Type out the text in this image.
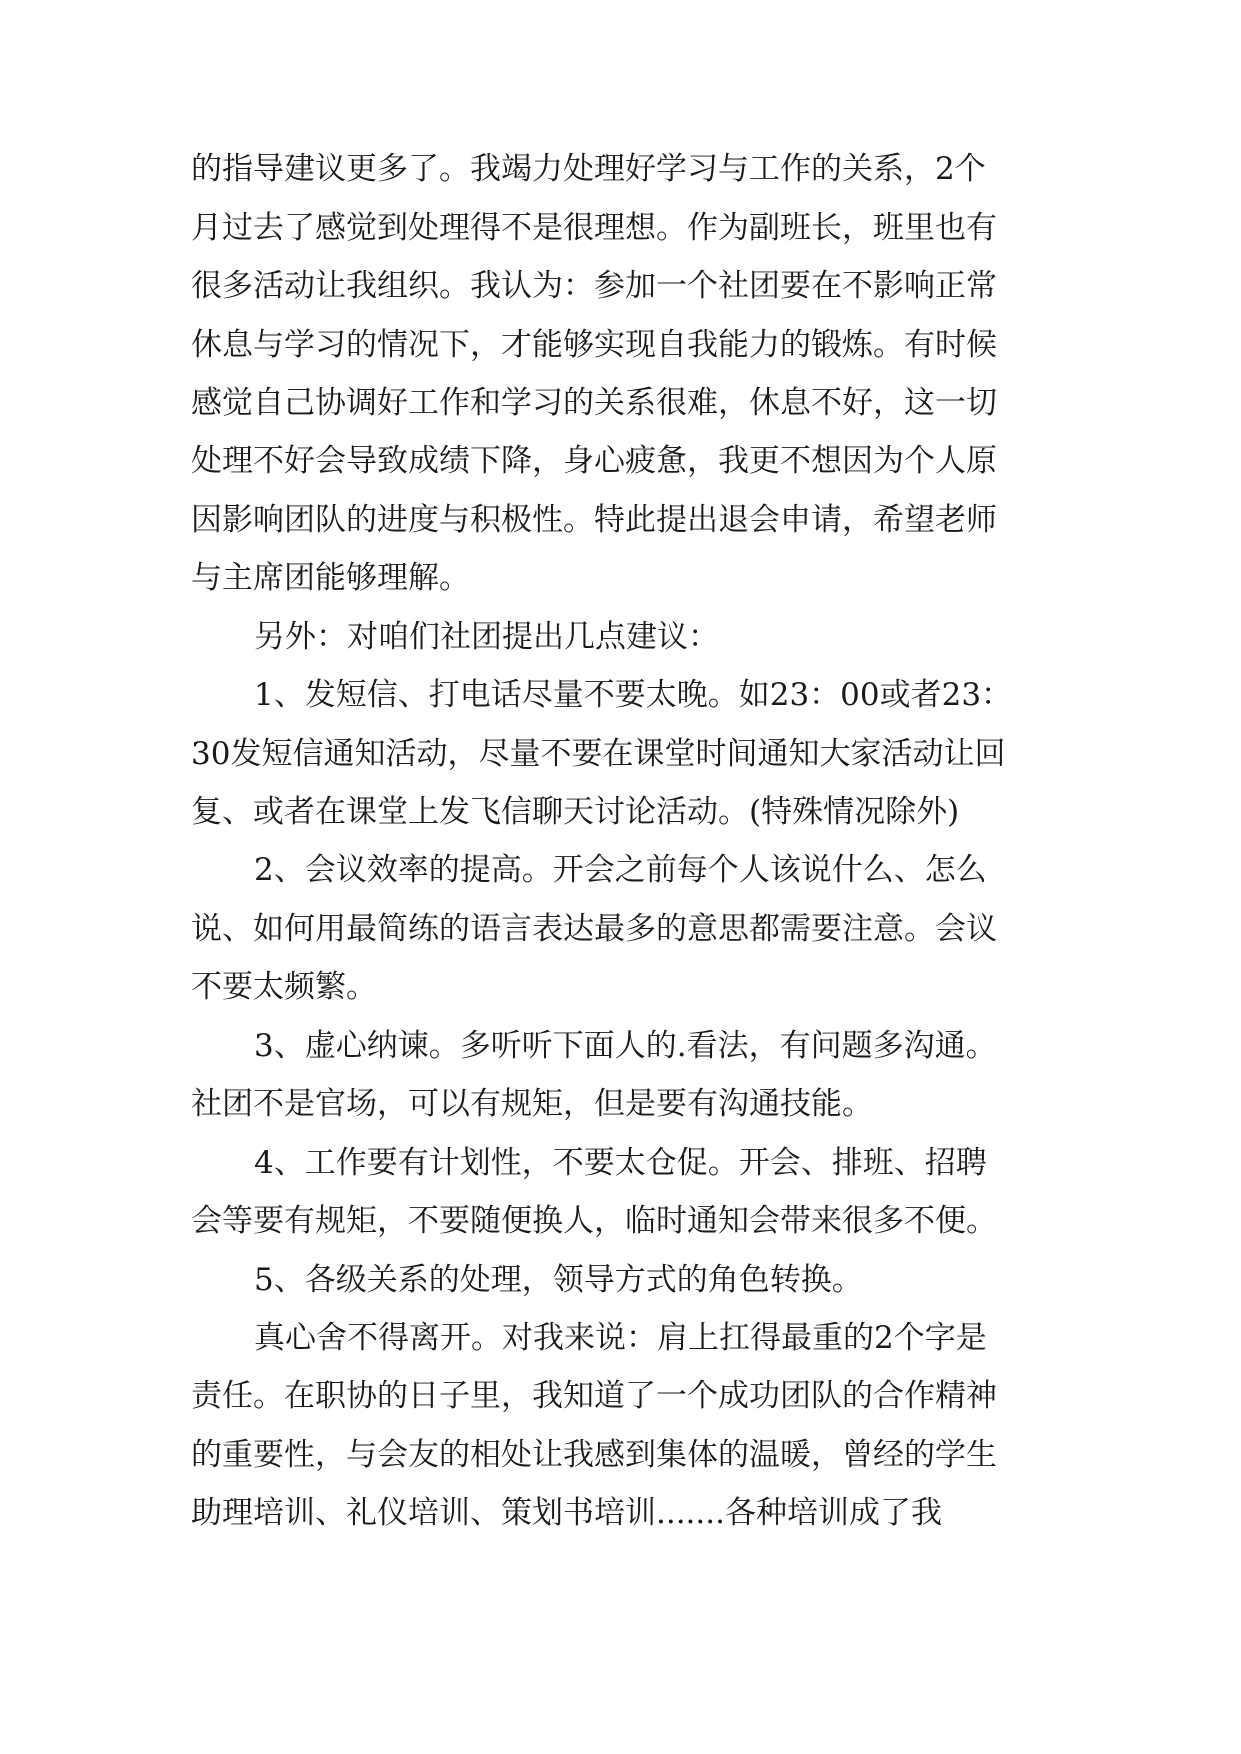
的指导建议更多了。我竭力处理好学习与工作的关系，2个

月过去了感觉到处理得不是很理想。作为副班长，班里也有

很多活动让我组织。我认为：参加一个社团要在不影响正常

休息与学习的情况下，才能够实现自我能力的锻炼。有时候

感觉自己协调好工作和学习的关系很难，休息不好，这一切

处理不好会导致成绩下降，身心疲惫，我更不想因为个人原

因影响团队的进度与积极性。特此提出退会申请，希望老师

与主席团能够理解。

另外：对咱们社团提出几点建议：

1、发短信、打电话尽量不要太晚。如23：00或者23：

30发短信通知活动，尽量不要在课堂时间通知大家活动让回

复、或者在课堂上发飞信聊天讨论活动。(特殊情况除外)

2、会议效率的提高。开会之前每个人该说什么、怎么

说、如何用最简练的语言表达最多的意思都需要注意。会议

不要太频繁。

3、虚心纳谏。多听听下面人的.看法，有问题多沟通。

社团不是官场，可以有规矩，但是要有沟通技能。

4、工作要有计划性，不要太仓促。开会、排班、招聘

会等要有规矩，不要随便换人，临时通知会带来很多不便。

5、各级关系的处理，领导方式的角色转换。

真心舍不得离开。对我来说：肩上扛得最重的2个字是

责任。在职协的日子里，我知道了一个成功团队的合作精神

的重要性，与会友的相处让我感到集体的温暖，曾经的学生

助理培训、礼仪培训、策划书培训.......各种培训成了我
